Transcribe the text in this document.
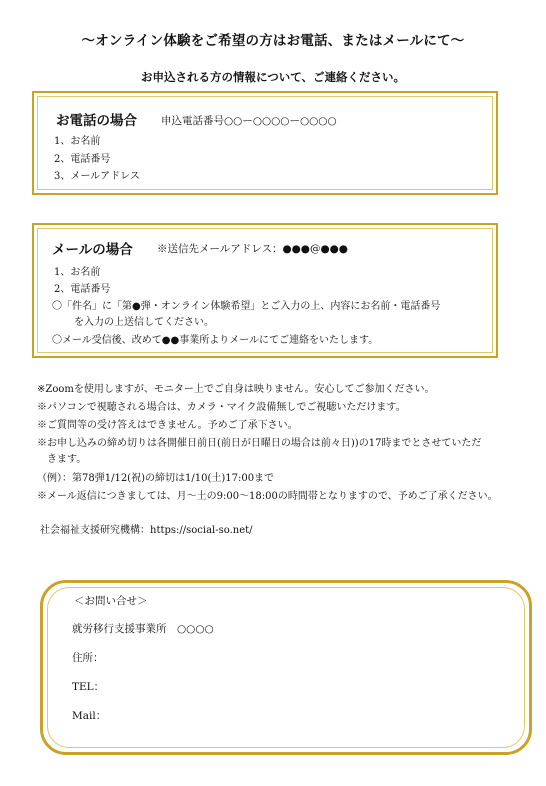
～オンライン体験をご希望の方はお電話、またはメールにて～
お申込される方の情報について、ご連絡ください。
お電話の場合 申込電話番号○○ー○○○○ー○○○○
1、お名前
2、電話番号
3、メールアドレス
メールの場合 ※送信先メールアドレス：●●●@●●●
1、お名前
2、電話番号
〇「件名」に「第●弾・オンライン体験希望」とご入力の上、内容にお名前・電話番号
を入力の上送信してください。
〇メール受信後、改めて●●事業所よりメールにてご連絡をいたします。
※Zoomを使用しますが、モニター上でご自身は映りません。安心してご参加ください。
※パソコンで視聴される場合は、カメラ・マイク設備無しでご視聴いただけます。
※ご質問等の受け答えはできません。予めご了承下さい。
※お申し込みの締め切りは各開催日前日(前日が日曜日の場合は前々日))の17時までとさせていただ
　きます。
（例）：第78弾1/12(祝)の締切は1/10(土)17:00まで
※メール返信につきましては、月～土の9:00～18:00の時間帯となりますので、予めご了承ください。
社会福祉支援研究機構：https://social-so.net/
＜お問い合せ＞
就労移行支援事業所　○○○○
住所：
TEL：
Mail：
